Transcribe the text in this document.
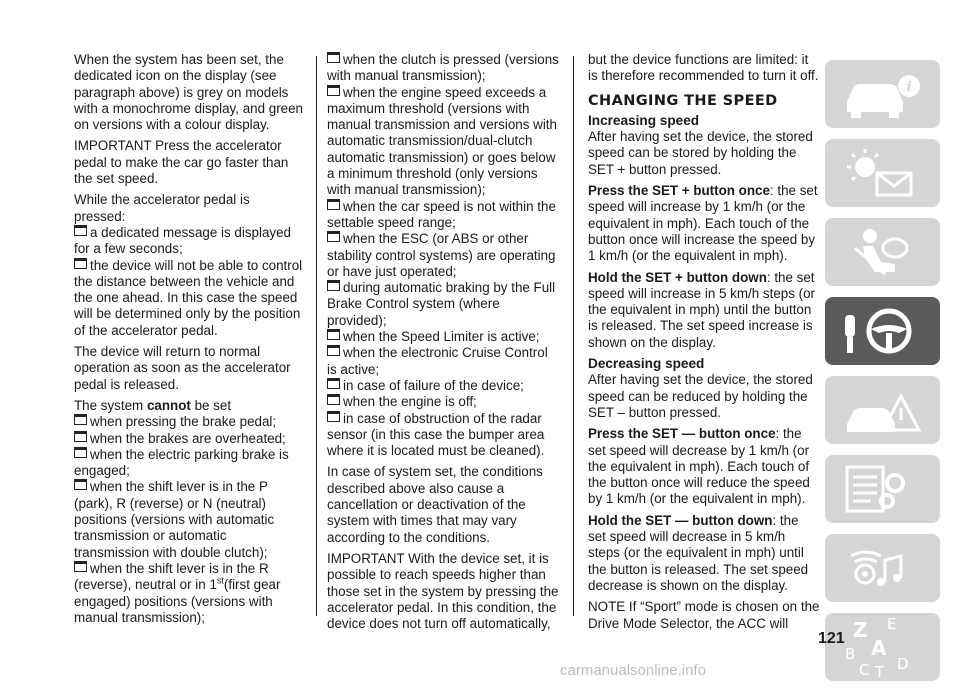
When the system has been set, the dedicated icon on the display (see paragraph above) is grey on models with a monochrome display, and green on versions with a colour display.

IMPORTANT Press the accelerator pedal to make the car go faster than the set speed.

While the accelerator pedal is pressed:

a dedicated message is displayed for a few seconds;
the device will not be able to control the distance between the vehicle and the one ahead. In this case the speed will be determined only by the position of the accelerator pedal.

The device will return to normal operation as soon as the accelerator pedal is released.

The system cannot be set

when pressing the brake pedal;
when the brakes are overheated;
when the electric parking brake is engaged;
when the shift lever is in the P (park), R (reverse) or N (neutral) positions (versions with automatic transmission or automatic transmission with double clutch);
when the shift lever is in the R (reverse), neutral or in 1st(first gear engaged) positions (versions with manual transmission);
when the clutch is pressed (versions with manual transmission);
when the engine speed exceeds a maximum threshold (versions with manual transmission and versions with automatic transmission/dual-clutch automatic transmission) or goes below a minimum threshold (only versions with manual transmission);
when the car speed is not within the settable speed range;
when the ESC (or ABS or other stability control systems) are operating or have just operated;
during automatic braking by the Full Brake Control system (where provided);
when the Speed Limiter is active;
when the electronic Cruise Control is active;
in case of failure of the device;
when the engine is off;
in case of obstruction of the radar sensor (in this case the bumper area where it is located must be cleaned).

In case of system set, the conditions described above also cause a cancellation or deactivation of the system with times that may vary according to the conditions.

IMPORTANT With the device set, it is possible to reach speeds higher than those set in the system by pressing the accelerator pedal. In this condition, the device does not turn off automatically,

but the device functions are limited: it is therefore recommended to turn it off.

CHANGING THE SPEED
Increasing speed

After having set the device, the stored speed can be stored by holding the SET + button pressed.

Press the SET + button once: the set speed will increase by 1 km/h (or the equivalent in mph). Each touch of the button once will increase the speed by 1 km/h (or the equivalent in mph).

Hold the SET + button down: the set speed will increase in 5 km/h steps (or the equivalent in mph) until the button is released. The set speed increase is shown on the display.

Decreasing speed

After having set the device, the stored speed can be reduced by holding the SET – button pressed.

Press the SET — button once: the set speed will decrease by 1 km/h (or the equivalent in mph). Each touch of the button once will reduce the speed by 1 km/h (or the equivalent in mph).

Hold the SET — button down: the set speed will decrease in 5 km/h steps (or the equivalent in mph) until the button is released. The set speed decrease is shown on the display.

NOTE If “Sport” mode is chosen on the Drive Mode Selector, the ACC will

i
Z E
B A
C T D
121
carmanualsonline.info
